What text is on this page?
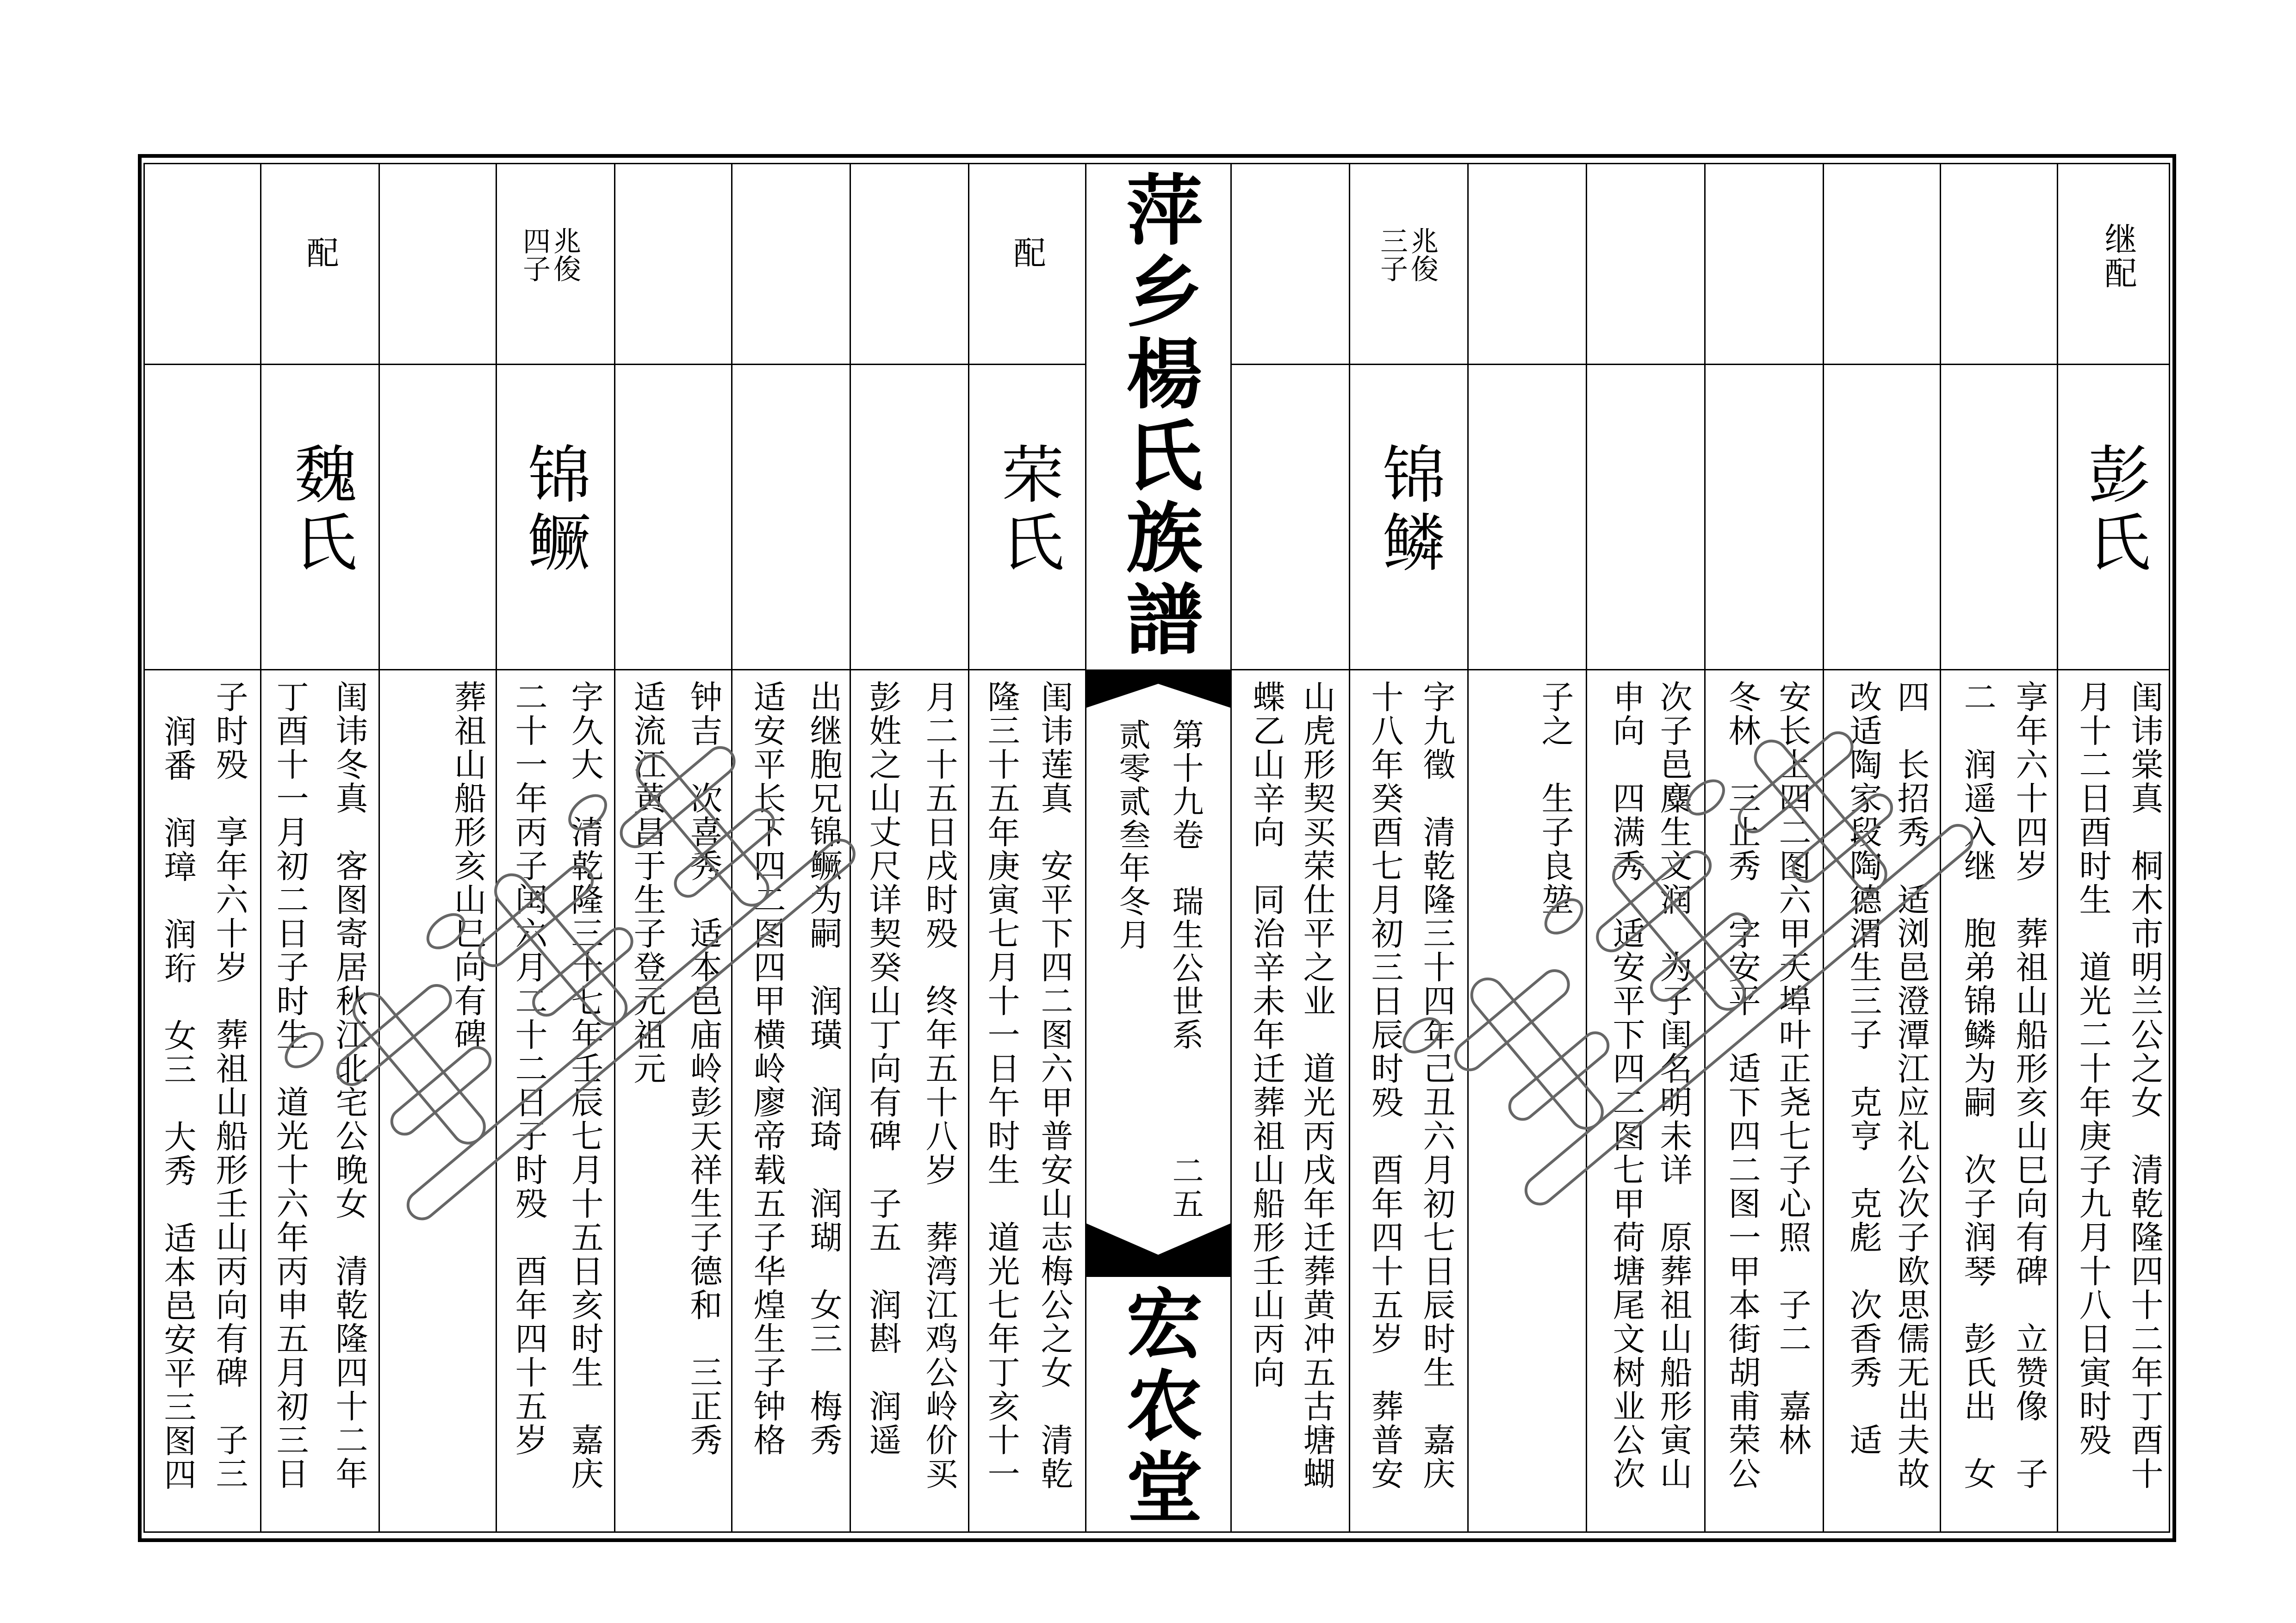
萍乡楊氏族譜
第十九卷　瑞生公世系
二五
贰零贰叁年冬月
宏农堂
子时殁　享年六十岁　葬祖山船形壬山丙向有碑　子三
润番　润璋　润珩　女三　大秀　适本邑安平三图四
配
魏氏
闺讳冬真　客图寄居秋江北宅公晚女　清乾隆四十二年
丁酉十一月初二日子时生　道光十六年丙申五月初三日	葬祖山船形亥山巳向有碑
兆俊四子
锦鳜
字久大　清乾隆三十七年壬辰七月十五日亥时生　嘉庆
二十一年丙子闰六月二十二日子时殁　酉年四十五岁	钟吉　次喜秀　适本邑庙岭彭天祥生子德和　三正秀
适流江黄昌于生子登元祖元	出继胞兄锦鳜为嗣　润璜　润琦　润瑚　女三　梅秀
适安平长下四二图四甲横岭廖帝载五子华煌生子钟格	月二十五日戌时殁　终年五十八岁　葬湾江鸡公岭价买
彭姓之山丈尺详契癸山丁向有碑　子五　润斟　润遥
配
荣氏
闺讳莲真　安平下四二图六甲普安山志梅公之女　清乾
隆三十五年庚寅七月十一日午时生　道光七年丁亥十一	山虎形契买荣仕平之业　道光丙戌年迁葬黄冲五古塘蝴
蝶乙山辛向　同治辛未年迁葬祖山船形壬山丙向
兆俊三子
锦鳞
字九徵　清乾隆三十四年己丑六月初七日辰时生　嘉庆
十八年癸酉七月初三日辰时殁　酉年四十五岁　葬普安	子之　生子良堃 次子邑麋生文润　为子闺名明未详　原葬祖山船形寅山
申向　四满秀　适安平下四二图七甲荷塘尾文树业公次	安长上四二图六甲天埠叶正尧七子心照　子二　嘉林
冬林　三止秀　字安平　适下四二图一甲本街胡甫荣公	四　长招秀　适浏邑澄潭江应礼公次子欧思儒无出夫故
改适陶家段陶德渭生三子　克亨　克彪　次香秀　适	享年六十四岁　葬祖山船形亥山巳向有碑　立赞像　子
二　润遥入继　胞弟锦鳞为嗣　次子润琴　彭氏出　女
继配
彭氏
闺讳棠真　桐木市明兰公之女　清乾隆四十二年丁酉十
月十二日酉时生　道光二十年庚子九月十八日寅时殁
